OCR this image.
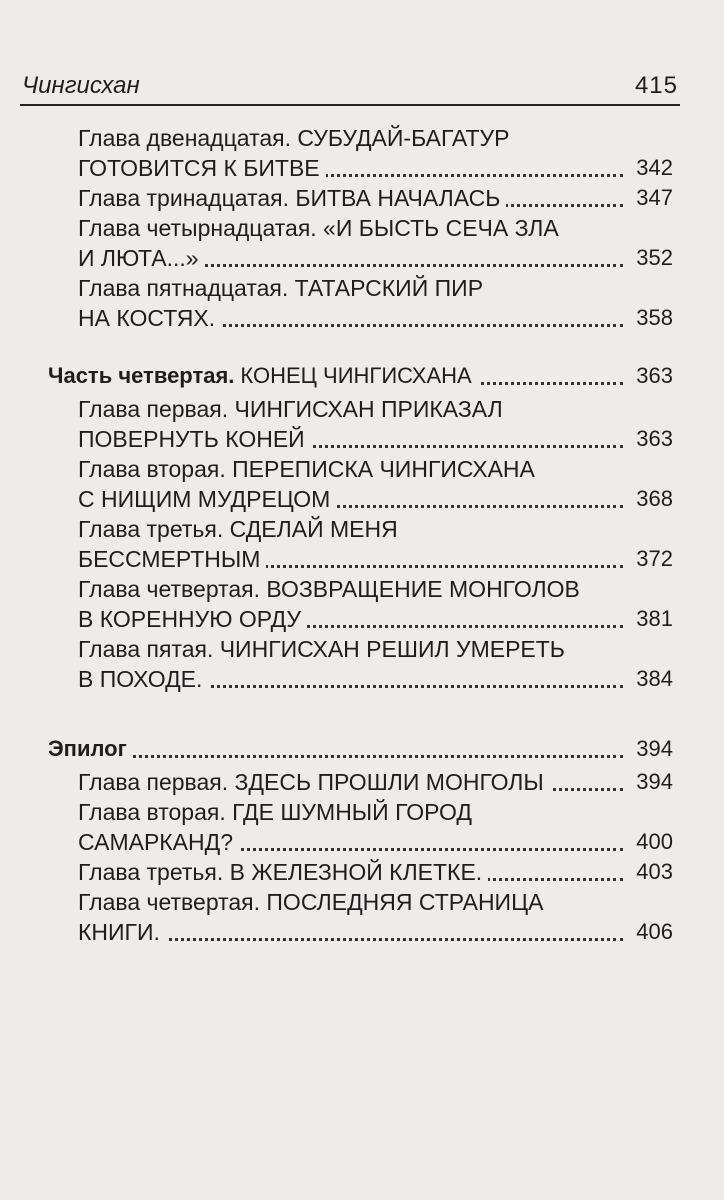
Чингисхан	415
Глава двенадцатая. СУБУДАЙ-БАГАТУР
ГОТОВИТСЯ К БИТВЕ	342
Глава тринадцатая. БИТВА НАЧАЛАСЬ	347
Глава четырнадцатая. «И БЫСТЬ СЕЧА ЗЛА
И ЛЮТА...»	352
Глава пятнадцатая. ТАТАРСКИЙ ПИР
НА КОСТЯХ.	358
Часть четвертая. КОНЕЦ ЧИНГИСХАНА	363
Глава первая. ЧИНГИСХАН ПРИКАЗАЛ
ПОВЕРНУТЬ КОНЕЙ	363
Глава вторая. ПЕРЕПИСКА ЧИНГИСХАНА
С НИЩИМ МУДРЕЦОМ	368
Глава третья. СДЕЛАЙ МЕНЯ
БЕССМЕРТНЫМ	372
Глава четвертая. ВОЗВРАЩЕНИЕ МОНГОЛОВ
В КОРЕННУЮ ОРДУ	381
Глава пятая. ЧИНГИСХАН РЕШИЛ УМЕРЕТЬ
В ПОХОДЕ.	384
Эпилог	394
Глава первая. ЗДЕСЬ ПРОШЛИ МОНГОЛЫ	394
Глава вторая. ГДЕ ШУМНЫЙ ГОРОД
САМАРКАНД?	400
Глава третья. В ЖЕЛЕЗНОЙ КЛЕТКЕ.	403
Глава четвертая. ПОСЛЕДНЯЯ СТРАНИЦА
КНИГИ.	406
